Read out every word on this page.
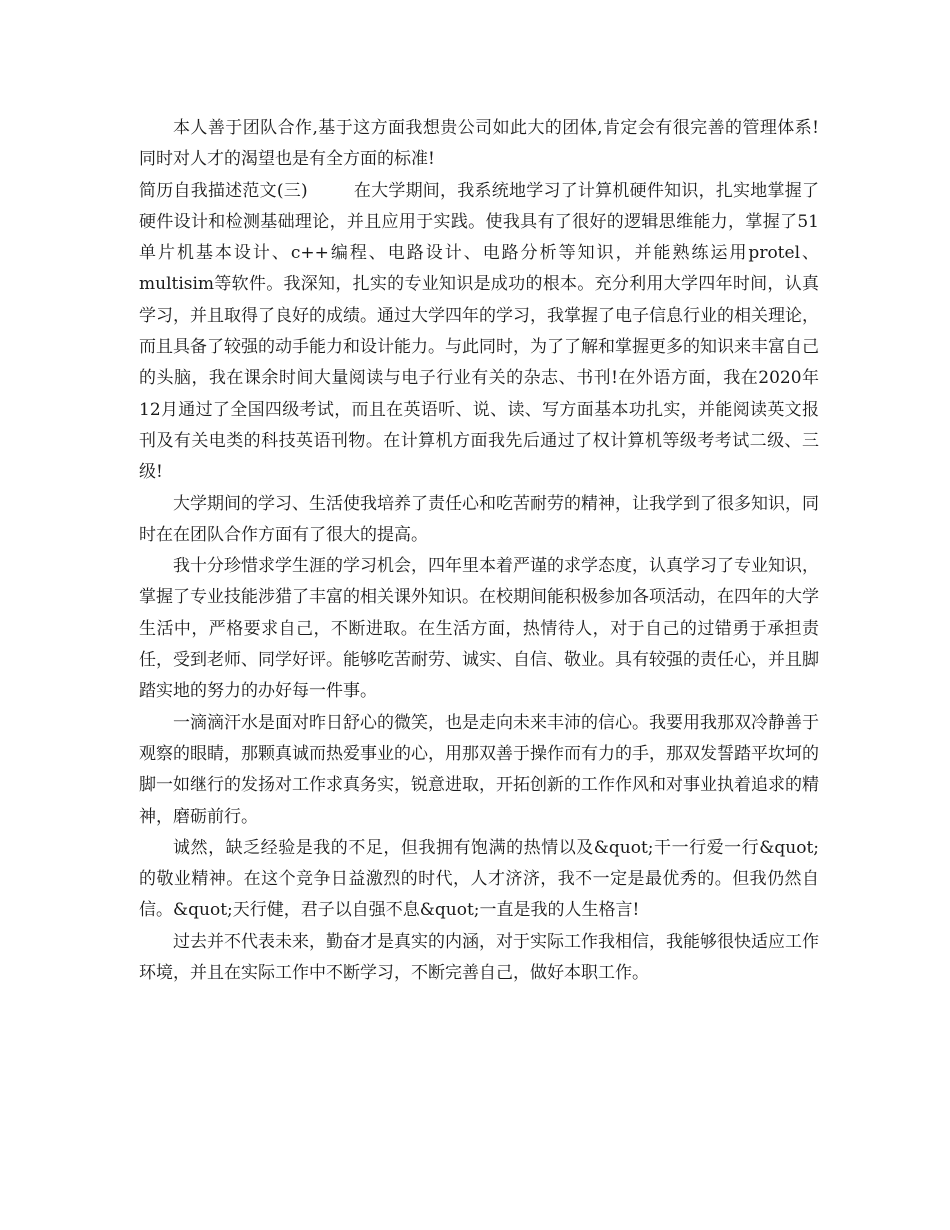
本人善于团队合作,基于这方面我想贵公司如此大的团体,肯定会有很完善的管理体系!同时对人才的渴望也是有全方面的标准!

简历自我描述范文(三)	在大学期间，我系统地学习了计算机硬件知识，扎实地掌握了硬件设计和检测基础理论，并且应用于实践。使我具有了很好的逻辑思维能力，掌握了51单片机基本设计、c++编程、电路设计、电路分析等知识，并能熟练运用protel、multisim等软件。我深知，扎实的专业知识是成功的根本。充分利用大学四年时间，认真学习，并且取得了良好的成绩。通过大学四年的学习，我掌握了电子信息行业的相关理论，而且具备了较强的动手能力和设计能力。与此同时，为了了解和掌握更多的知识来丰富自己的头脑，我在课余时间大量阅读与电子行业有关的杂志、书刊!在外语方面，我在2020年12月通过了全国四级考试，而且在英语听、说、读、写方面基本功扎实，并能阅读英文报刊及有关电类的科技英语刊物。在计算机方面我先后通过了权计算机等级考考试二级、三级!

大学期间的学习、生活使我培养了责任心和吃苦耐劳的精神，让我学到了很多知识，同时在在团队合作方面有了很大的提高。

我十分珍惜求学生涯的学习机会，四年里本着严谨的求学态度，认真学习了专业知识，掌握了专业技能涉猎了丰富的相关课外知识。在校期间能积极参加各项活动，在四年的大学生活中，严格要求自己，不断进取。在生活方面，热情待人，对于自己的过错勇于承担责任，受到老师、同学好评。能够吃苦耐劳、诚实、自信、敬业。具有较强的责任心，并且脚踏实地的努力的办好每一件事。

一滴滴汗水是面对昨日舒心的微笑，也是走向未来丰沛的信心。我要用我那双冷静善于观察的眼睛，那颗真诚而热爱事业的心，用那双善于操作而有力的手，那双发誓踏平坎坷的脚一如继行的发扬对工作求真务实，锐意进取，开拓创新的工作作风和对事业执着追求的精神，磨砺前行。

诚然，缺乏经验是我的不足，但我拥有饱满的热情以及&quot;干一行爱一行&quot;的敬业精神。在这个竞争日益激烈的时代，人才济济，我不一定是最优秀的。但我仍然自信。&quot;天行健，君子以自强不息&quot;一直是我的人生格言!

过去并不代表未来，勤奋才是真实的内涵，对于实际工作我相信，我能够很快适应工作环境，并且在实际工作中不断学习，不断完善自己，做好本职工作。
